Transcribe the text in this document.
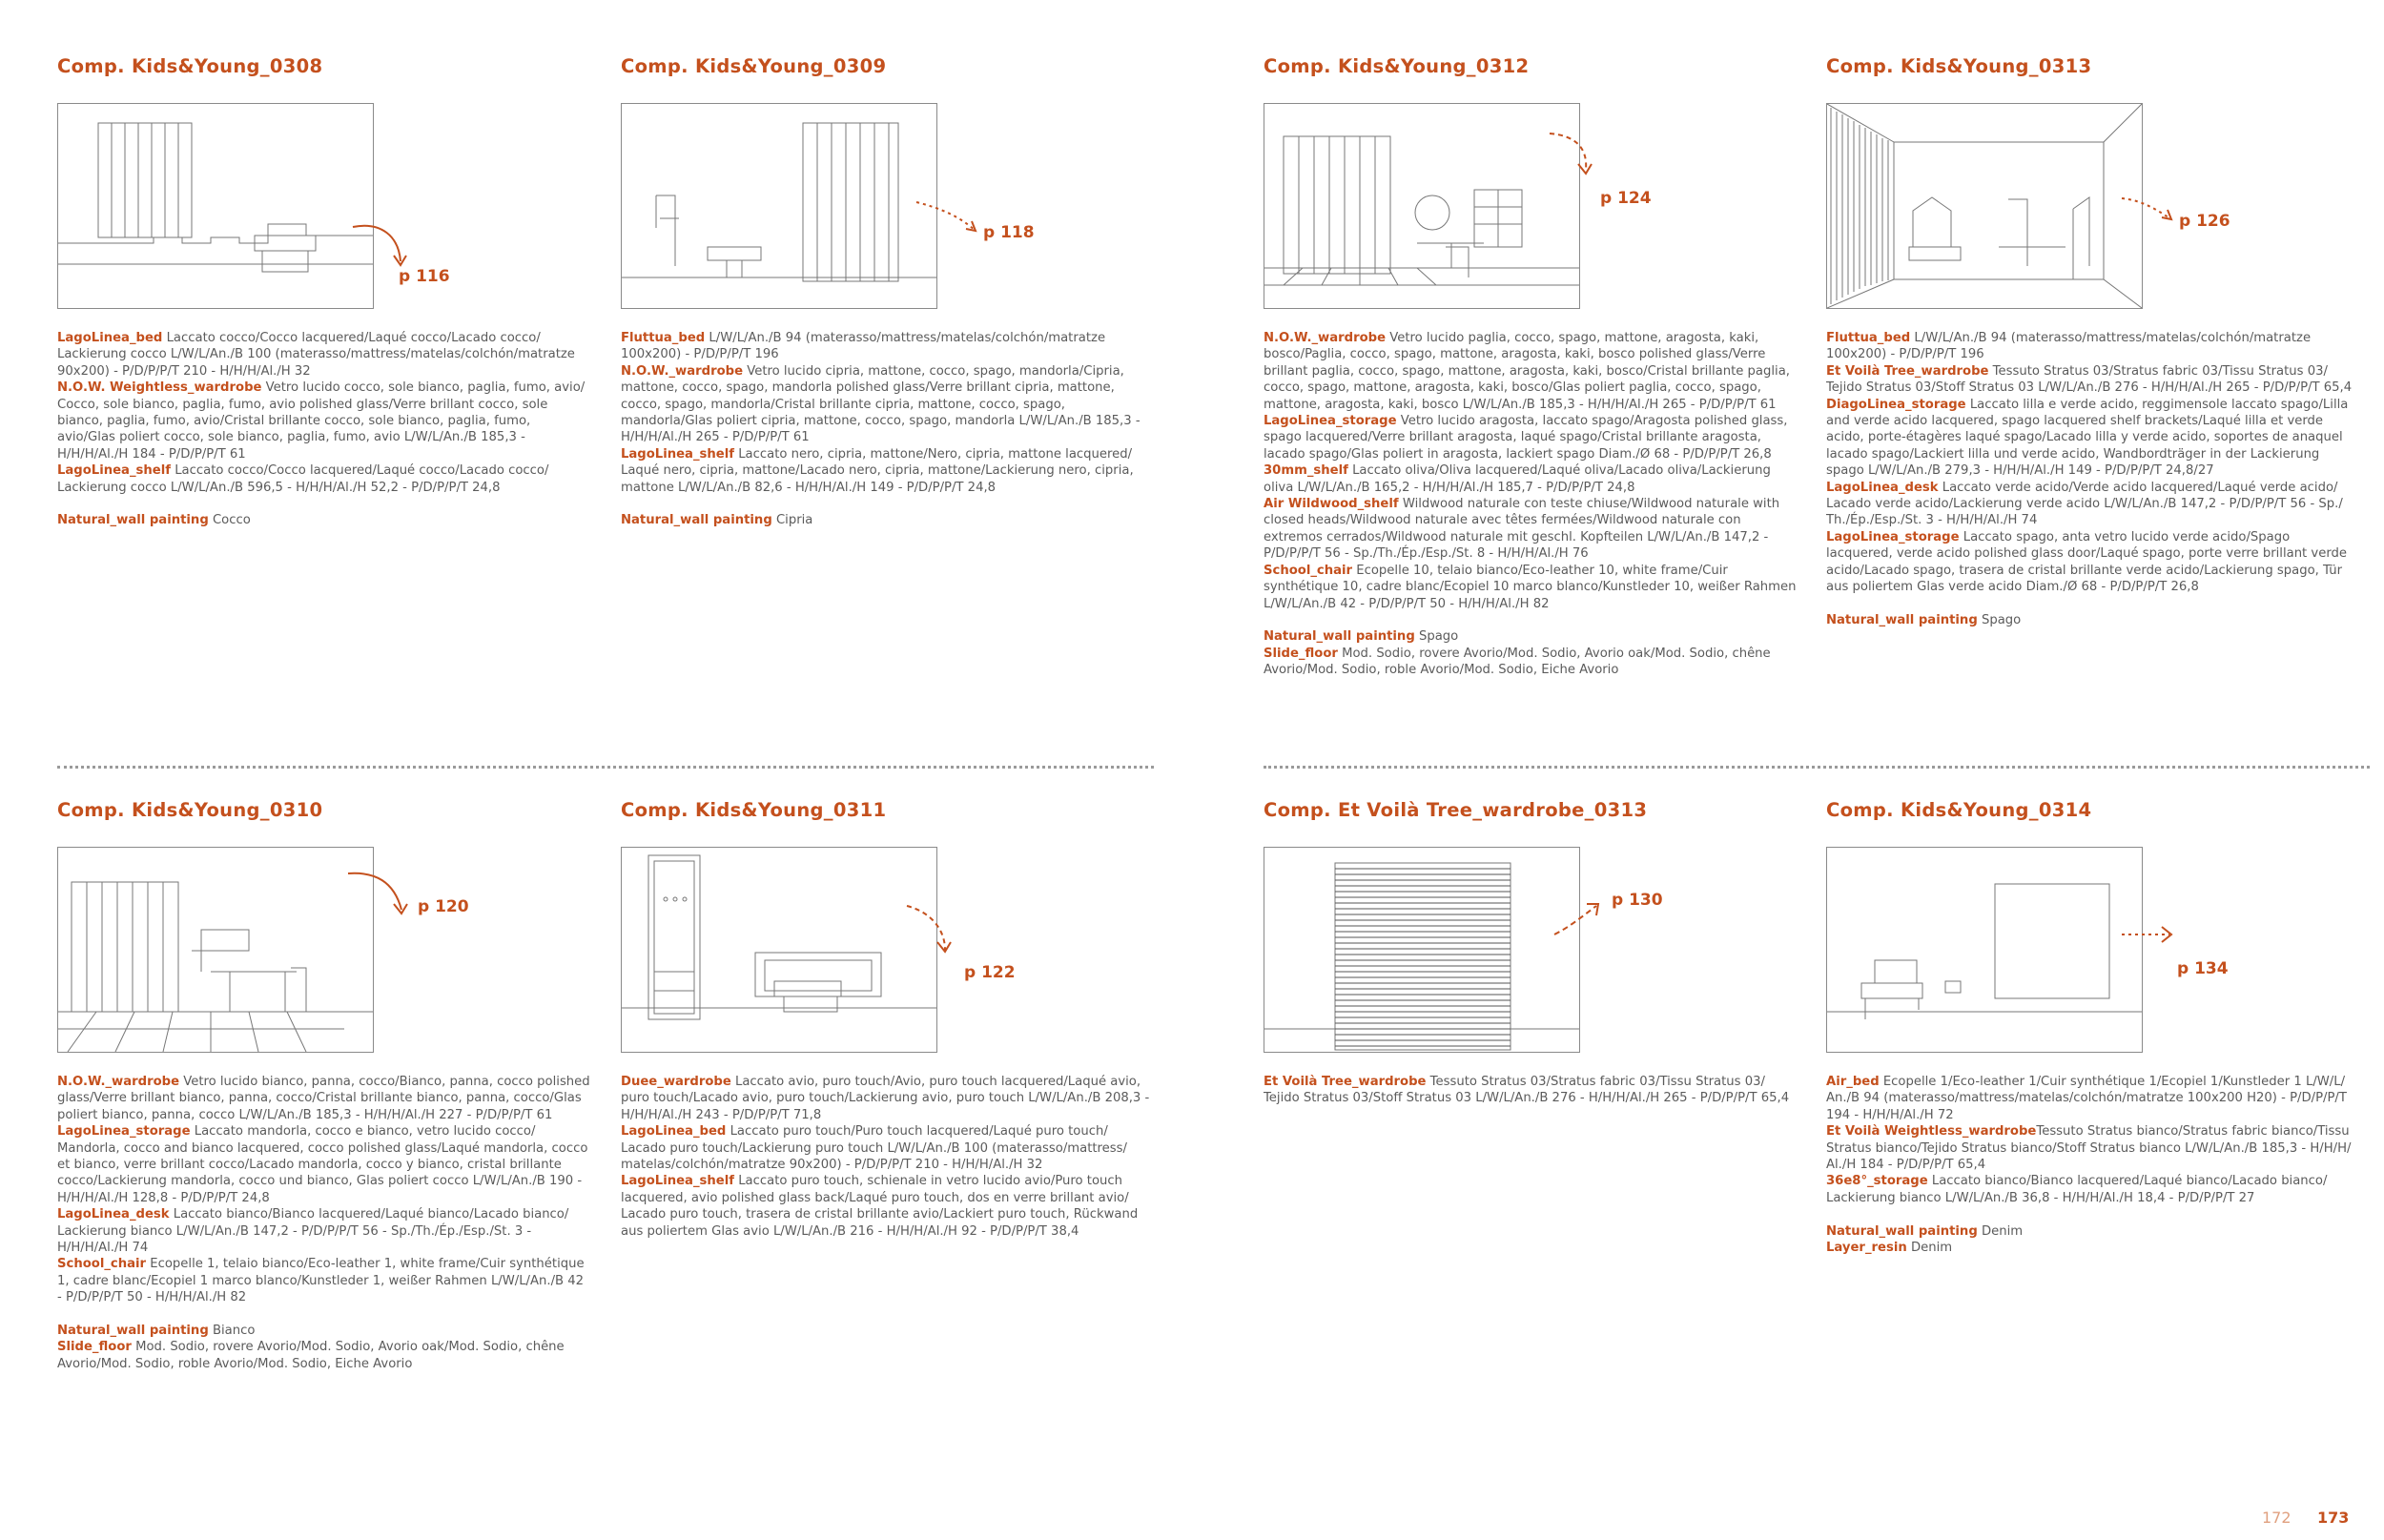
Comp. Kids&Young_0308
p 116

LagoLinea_bed Laccato cocco/Cocco lacquered/Laqué cocco/Lacado cocco/ Lackierung cocco L/W/L/An./B 100 (materasso/mattress/matelas/colchón/matratze 90x200) - P/D/P/P/T 210 - H/H/H/Al./H 32

N.O.W. Weightless_wardrobe Vetro lucido cocco, sole bianco, paglia, fumo, avio/ Cocco, sole bianco, paglia, fumo, avio polished glass/Verre brillant cocco, sole bianco, paglia, fumo, avio/Cristal brillante cocco, sole bianco, paglia, fumo, avio/Glas poliert cocco, sole bianco, paglia, fumo, avio L/W/L/An./B 185,3 - H/H/H/Al./H 184 - P/D/P/P/T 61

LagoLinea_shelf Laccato cocco/Cocco lacquered/Laqué cocco/Lacado cocco/ Lackierung cocco L/W/L/An./B 596,5 - H/H/H/Al./H 52,2 - P/D/P/P/T 24,8

Natural_wall painting Cocco

Comp. Kids&Young_0309
p 118

Fluttua_bed L/W/L/An./B 94 (materasso/mattress/matelas/colchón/matratze 100x200) - P/D/P/P/T 196

N.O.W._wardrobe Vetro lucido cipria, mattone, cocco, spago, mandorla/Cipria, mattone, cocco, spago, mandorla polished glass/Verre brillant cipria, mattone, cocco, spago, mandorla/Cristal brillante cipria, mattone, cocco, spago, mandorla/Glas poliert cipria, mattone, cocco, spago, mandorla L/W/L/An./B 185,3 - H/H/H/Al./H 265 - P/D/P/P/T 61

LagoLinea_shelf Laccato nero, cipria, mattone/Nero, cipria, mattone lacquered/ Laqué nero, cipria, mattone/Lacado nero, cipria, mattone/Lackierung nero, cipria, mattone L/W/L/An./B 82,6 - H/H/H/Al./H 149 - P/D/P/P/T 24,8

Natural_wall painting Cipria

Comp. Kids&Young_0312
p 124

N.O.W._wardrobe Vetro lucido paglia, cocco, spago, mattone, aragosta, kaki, bosco/Paglia, cocco, spago, mattone, aragosta, kaki, bosco polished glass/Verre brillant paglia, cocco, spago, mattone, aragosta, kaki, bosco/Cristal brillante paglia, cocco, spago, mattone, aragosta, kaki, bosco/Glas poliert paglia, cocco, spago, mattone, aragosta, kaki, bosco L/W/L/An./B 185,3 - H/H/H/Al./H 265 - P/D/P/P/T 61

LagoLinea_storage Vetro lucido aragosta, laccato spago/Aragosta polished glass, spago lacquered/Verre brillant aragosta, laqué spago/Cristal brillante aragosta, lacado spago/Glas poliert in aragosta, lackiert spago Diam./Ø 68 - P/D/P/P/T 26,8

30mm_shelf Laccato oliva/Oliva lacquered/Laqué oliva/Lacado oliva/Lackierung oliva L/W/L/An./B 165,2 - H/H/H/Al./H 185,7 - P/D/P/P/T 24,8

Air Wildwood_shelf Wildwood naturale con teste chiuse/Wildwood naturale with closed heads/Wildwood naturale avec têtes fermées/Wildwood naturale con extremos cerrados/Wildwood naturale mit geschl. Kopfteilen L/W/L/An./B 147,2 - P/D/P/P/T 56 - Sp./Th./Ép./Esp./St. 8 - H/H/H/Al./H 76

School_chair Ecopelle 10, telaio bianco/Eco-leather 10, white frame/Cuir synthétique 10, cadre blanc/Ecopiel 10 marco blanco/Kunstleder 10, weißer Rahmen L/W/L/An./B 42 - P/D/P/P/T 50 - H/H/H/Al./H 82

Natural_wall painting Spago

Slide_floor Mod. Sodio, rovere Avorio/Mod. Sodio, Avorio oak/Mod. Sodio, chêne Avorio/Mod. Sodio, roble Avorio/Mod. Sodio, Eiche Avorio

Comp. Kids&Young_0313
p 126

Fluttua_bed L/W/L/An./B 94 (materasso/mattress/matelas/colchón/matratze 100x200) - P/D/P/P/T 196

Et Voilà Tree_wardrobe Tessuto Stratus 03/Stratus fabric 03/Tissu Stratus 03/ Tejido Stratus 03/Stoff Stratus 03 L/W/L/An./B 276 - H/H/H/Al./H 265 - P/D/P/P/T 65,4

DiagoLinea_storage Laccato lilla e verde acido, reggimensole laccato spago/Lilla and verde acido lacquered, spago lacquered shelf brackets/Laqué lilla et verde acido, porte-étagères laqué spago/Lacado lilla y verde acido, soportes de anaquel lacado spago/Lackiert lilla und verde acido, Wandbordträger in der Lackierung spago L/W/L/An./B 279,3 - H/H/H/Al./H 149 - P/D/P/P/T 24,8/27

LagoLinea_desk Laccato verde acido/Verde acido lacquered/Laqué verde acido/ Lacado verde acido/Lackierung verde acido L/W/L/An./B 147,2 - P/D/P/P/T 56 - Sp./ Th./Ép./Esp./St. 3 - H/H/H/Al./H 74

LagoLinea_storage Laccato spago, anta vetro lucido verde acido/Spago lacquered, verde acido polished glass door/Laqué spago, porte verre brillant verde acido/Lacado spago, trasera de cristal brillante verde acido/Lackierung spago, Tür aus poliertem Glas verde acido Diam./Ø 68 - P/D/P/P/T 26,8

Natural_wall painting Spago

Comp. Kids&Young_0310
p 120

N.O.W._wardrobe Vetro lucido bianco, panna, cocco/Bianco, panna, cocco polished glass/Verre brillant bianco, panna, cocco/Cristal brillante bianco, panna, cocco/Glas poliert bianco, panna, cocco L/W/L/An./B 185,3 - H/H/H/Al./H 227 - P/D/P/P/T 61

LagoLinea_storage Laccato mandorla, cocco e bianco, vetro lucido cocco/ Mandorla, cocco and bianco lacquered, cocco polished glass/Laqué mandorla, cocco et bianco, verre brillant cocco/Lacado mandorla, cocco y bianco, cristal brillante cocco/Lackierung mandorla, cocco und bianco, Glas poliert cocco L/W/L/An./B 190 - H/H/H/Al./H 128,8 - P/D/P/P/T 24,8

LagoLinea_desk Laccato bianco/Bianco lacquered/Laqué bianco/Lacado bianco/ Lackierung bianco L/W/L/An./B 147,2 - P/D/P/P/T 56 - Sp./Th./Ép./Esp./St. 3 - H/H/H/Al./H 74

School_chair Ecopelle 1, telaio bianco/Eco-leather 1, white frame/Cuir synthétique 1, cadre blanc/Ecopiel 1 marco blanco/Kunstleder 1, weißer Rahmen L/W/L/An./B 42 - P/D/P/P/T 50 - H/H/H/Al./H 82

Natural_wall painting Bianco

Slide_floor Mod. Sodio, rovere Avorio/Mod. Sodio, Avorio oak/Mod. Sodio, chêne Avorio/Mod. Sodio, roble Avorio/Mod. Sodio, Eiche Avorio

Comp. Kids&Young_0311
p 122

Duee_wardrobe Laccato avio, puro touch/Avio, puro touch lacquered/Laqué avio, puro touch/Lacado avio, puro touch/Lackierung avio, puro touch L/W/L/An./B 208,3 - H/H/H/Al./H 243 - P/D/P/P/T 71,8

LagoLinea_bed Laccato puro touch/Puro touch lacquered/Laqué puro touch/ Lacado puro touch/Lackierung puro touch L/W/L/An./B 100 (materasso/mattress/ matelas/colchón/matratze 90x200) - P/D/P/P/T 210 - H/H/H/Al./H 32

LagoLinea_shelf Laccato puro touch, schienale in vetro lucido avio/Puro touch lacquered, avio polished glass back/Laqué puro touch, dos en verre brillant avio/ Lacado puro touch, trasera de cristal brillante avio/Lackiert puro touch, Rückwand aus poliertem Glas avio L/W/L/An./B 216 - H/H/H/Al./H 92 - P/D/P/P/T 38,4

Comp. Et Voilà Tree_wardrobe_0313
p 130

Et Voilà Tree_wardrobe Tessuto Stratus 03/Stratus fabric 03/Tissu Stratus 03/ Tejido Stratus 03/Stoff Stratus 03 L/W/L/An./B 276 - H/H/H/Al./H 265 - P/D/P/P/T 65,4

Comp. Kids&Young_0314
p 134

Air_bed Ecopelle 1/Eco-leather 1/Cuir synthétique 1/Ecopiel 1/Kunstleder 1 L/W/L/ An./B 94 (materasso/mattress/matelas/colchón/matratze 100x200 H20) - P/D/P/P/T 194 - H/H/H/Al./H 72

Et Voilà Weightless_wardrobeTessuto Stratus bianco/Stratus fabric bianco/Tissu Stratus bianco/Tejido Stratus bianco/Stoff Stratus bianco L/W/L/An./B 185,3 - H/H/H/ Al./H 184 - P/D/P/P/T 65,4

36e8°_storage Laccato bianco/Bianco lacquered/Laqué bianco/Lacado bianco/ Lackierung bianco L/W/L/An./B 36,8 - H/H/H/Al./H 18,4 - P/D/P/P/T 27

Natural_wall painting Denim

Layer_resin Denim

172 173
